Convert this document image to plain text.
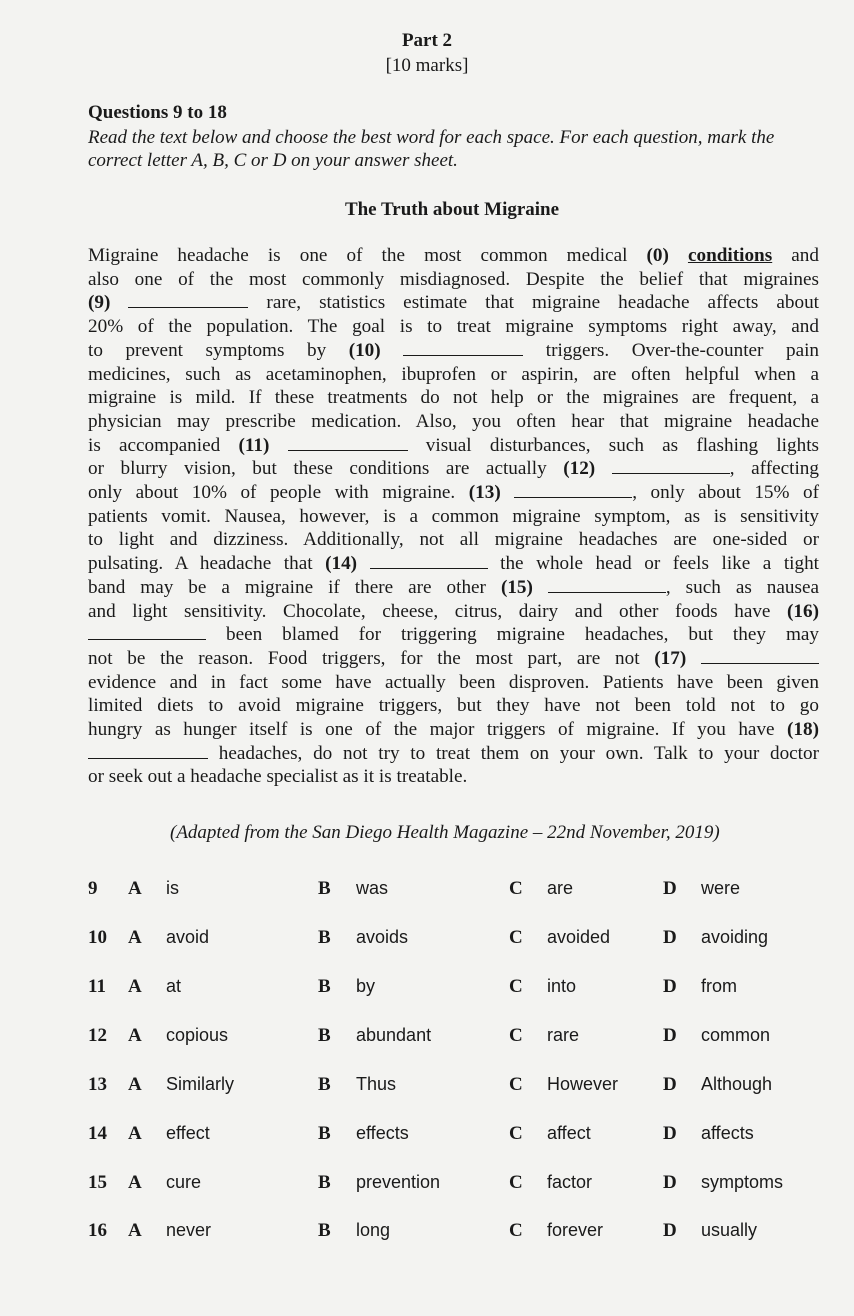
Part 2
[10 marks]
Questions 9 to 18
Read the text below and choose the best word for each space. For each question, mark the correct letter A, B, C or D on your answer sheet.
The Truth about Migraine
Migraine headache is one of the most common medical (0) conditions and
also one of the most commonly misdiagnosed. Despite the belief that migraines
(9)	rare, statistics estimate that migraine headache affects about
20% of the population. The goal is to treat migraine symptoms right away, and
to prevent symptoms by (10)	triggers. Over-the-counter pain
medicines, such as acetaminophen, ibuprofen or aspirin, are often helpful when a
migraine is mild. If these treatments do not help or the migraines are frequent, a
physician may prescribe medication. Also, you often hear that migraine headache
is accompanied (11)	visual disturbances, such as flashing lights
or blurry vision, but these conditions are actually (12)	, affecting
only about 10% of people with migraine. (13)	, only about 15% of
patients vomit. Nausea, however, is a common migraine symptom, as is sensitivity
to light and dizziness. Additionally, not all migraine headaches are one-sided or
pulsating. A headache that (14)	the whole head or feels like a tight
band may be a migraine if there are other (15)	, such as nausea
and light sensitivity. Chocolate, cheese, citrus, dairy and other foods have (16)
been blamed for triggering migraine headaches, but they may
not be the reason. Food triggers, for the most part, are not (17)
evidence and in fact some have actually been disproven. Patients have been given
limited diets to avoid migraine triggers, but they have not been told not to go
hungry as hunger itself is one of the major triggers of migraine. If you have (18)
headaches, do not try to treat them on your own. Talk to your doctor
or seek out a headache specialist as it is treatable.
(Adapted from the San Diego Health Magazine – 22nd November, 2019)
9 A is	B was	C are	D were
10 A avoid	B avoids	C avoided	D avoiding
11 A at	B by	C into	D from
12 A copious	B abundant	C rare	D common
13 A Similarly	B Thus	C However D Although
14 A effect	B effects	C affect	D affects
15 A cure	B prevention	C factor	D symptoms
16 A never	B long	C forever	D usually
